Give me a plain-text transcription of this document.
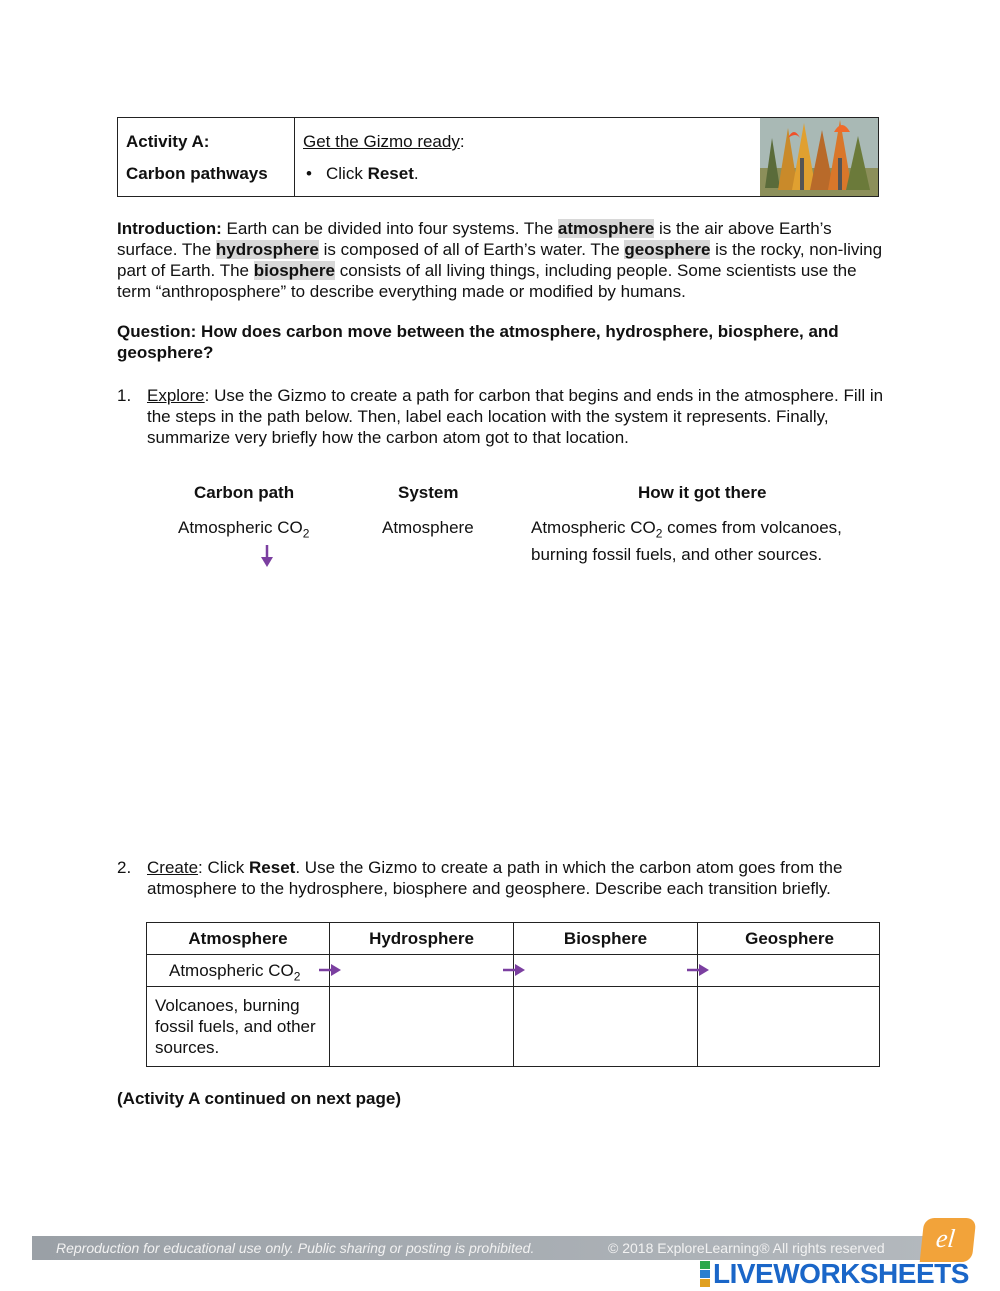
Activity A:
Carbon pathways
Get the Gizmo ready:
• Click Reset.
Introduction: Earth can be divided into four systems. The atmosphere is the air above Earth’s surface. The hydrosphere is composed of all of Earth’s water. The geosphere is the rocky, non-living part of Earth. The biosphere consists of all living things, including people. Some scientists use the term “anthroposphere” to describe everything made or modified by humans.
Question: How does carbon move between the atmosphere, hydrosphere, biosphere, and geosphere?
1. Explore: Use the Gizmo to create a path for carbon that begins and ends in the atmosphere. Fill in the steps in the path below. Then, label each location with the system it represents. Finally, summarize very briefly how the carbon atom got to that location.
Carbon path	System	How it got there
Atmospheric $CO_2$	Atmosphere	Atmospheric $CO_2$ comes from volcanoes, burning fossil fuels, and other sources.
2. Create: Click Reset. Use the Gizmo to create a path in which the carbon atom goes from the atmosphere to the hydrosphere, biosphere and geosphere. Describe each transition briefly.
Atmosphere	Hydrosphere	Biosphere	Geosphere
Atmospheric $CO_2$
Volcanoes, burning fossil fuels, and other sources.
(Activity A continued on next page)
Reproduction for educational use only. Public sharing or posting is prohibited.	© 2018 ExploreLearning® All rights reserved el
LIVEWORKSHEETS
